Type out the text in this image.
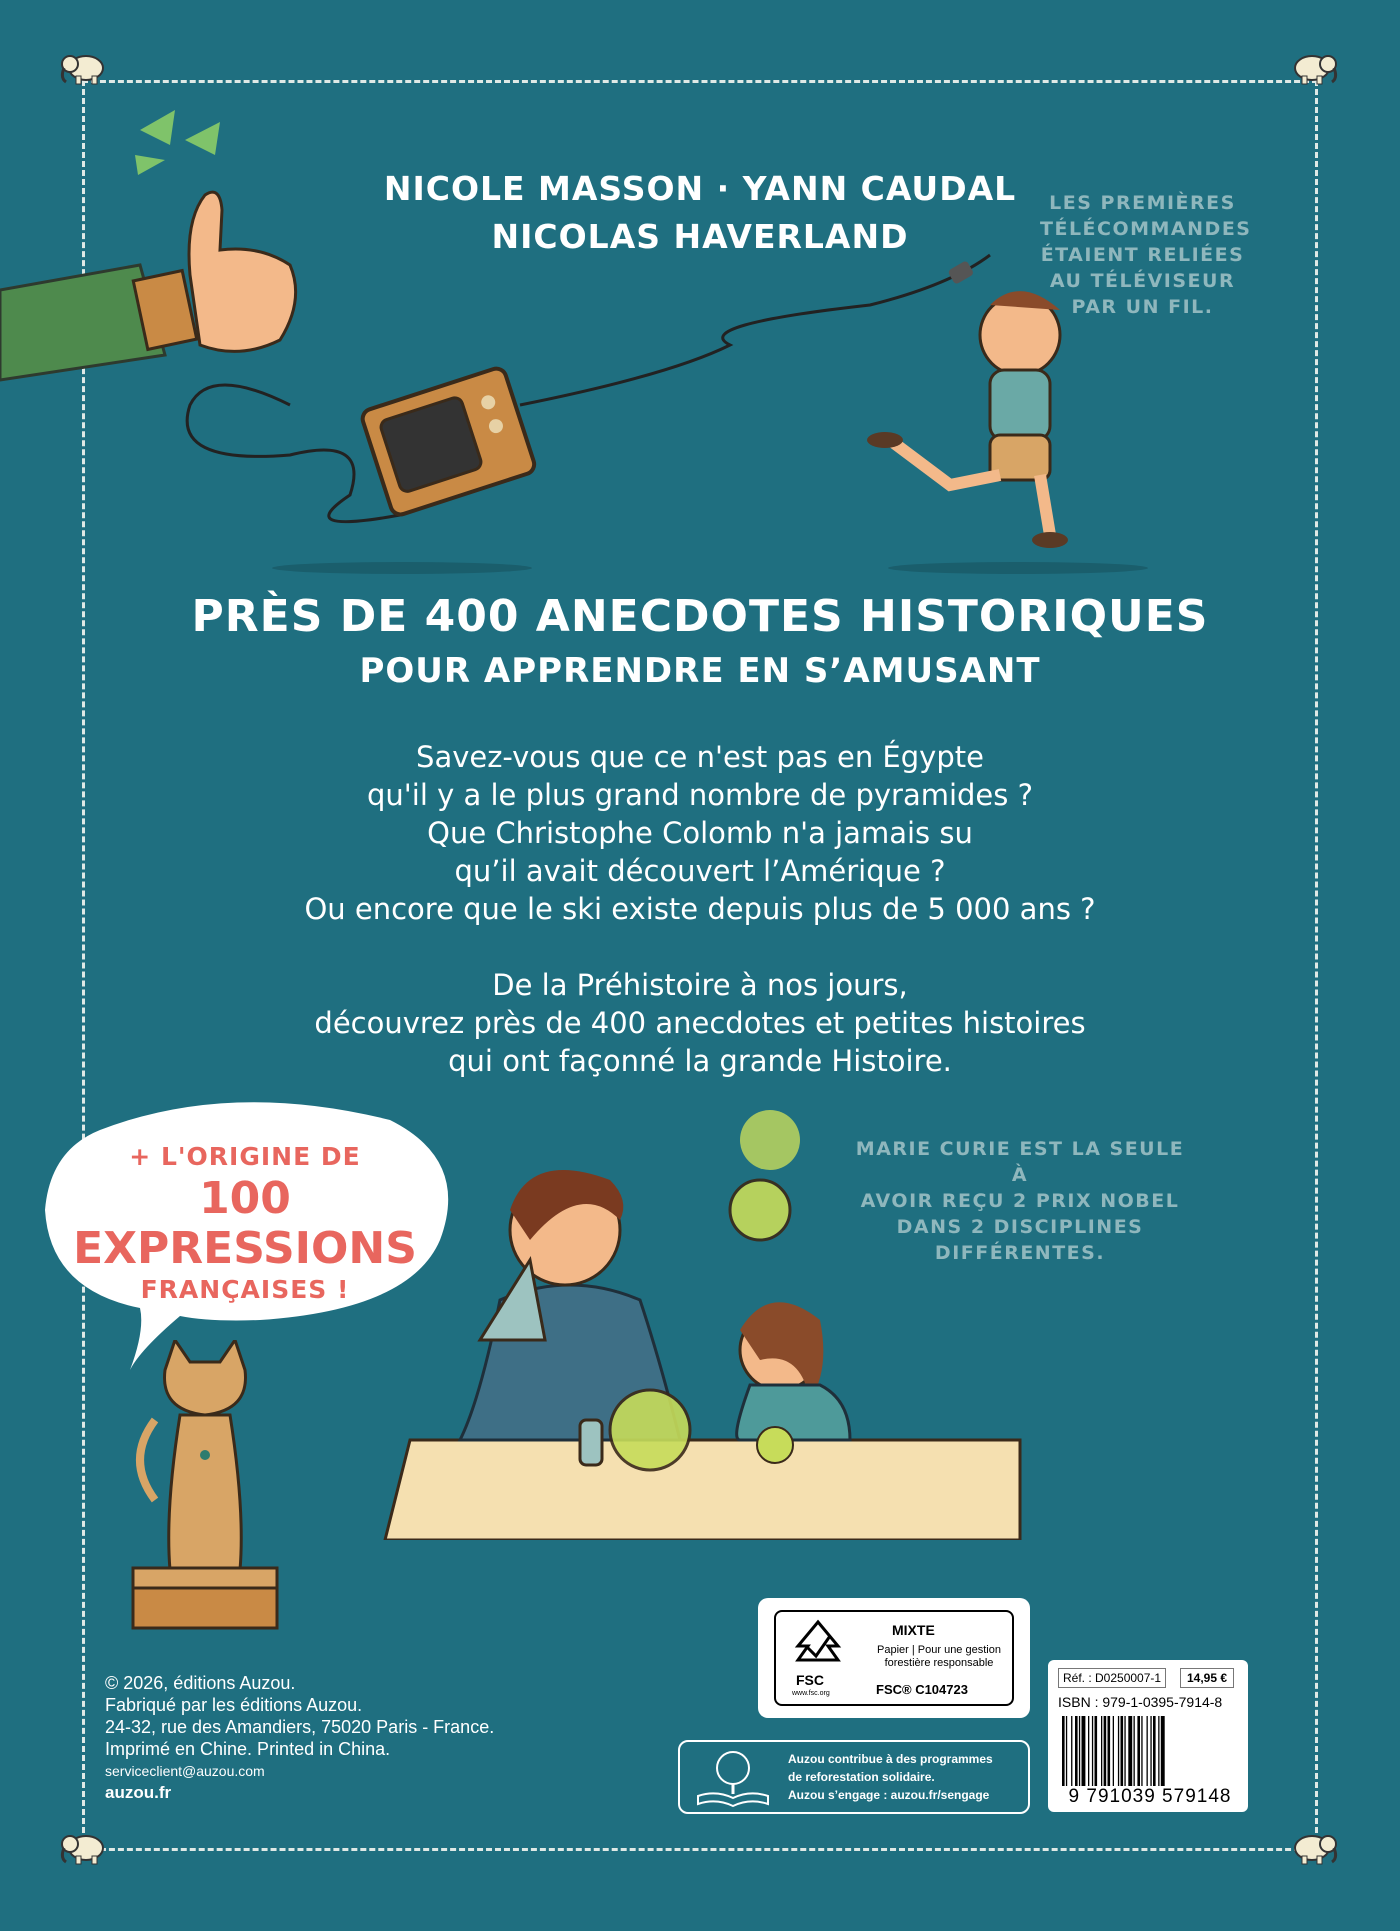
NICOLE MASSON · YANN CAUDAL
NICOLAS HAVERLAND
LES PREMIÈRES
TÉLÉCOMMANDES
ÉTAIENT RELIÉES
AU TÉLÉVISEUR
PAR UN FIL.
PRÈS DE 400 ANECDOTES HISTORIQUES
POUR APPRENDRE EN S’AMUSANT
Savez-vous que ce n'est pas en Égypte
qu'il y a le plus grand nombre de pyramides ?
Que Christophe Colomb n'a jamais su
qu’il avait découvert l’Amérique ?
Ou encore que le ski existe depuis plus de 5 000 ans ?
De la Préhistoire à nos jours,
découvrez près de 400 anecdotes et petites histoires
qui ont façonné la grande Histoire.
+ L'ORIGINE DE
100 EXPRESSIONS
FRANÇAISES !
MARIE CURIE EST LA SEULE À
AVOIR REÇU 2 PRIX NOBEL
DANS 2 DISCIPLINES
DIFFÉRENTES.
© 2026, éditions Auzou.
Fabriqué par les éditions Auzou.
24-32, rue des Amandiers, 75020 Paris - France.
Imprimé en Chine. Printed in China.
serviceclient@auzou.com
auzou.fr
FSC
www.fsc.org
MIXTE
Papier | Pour une gestion forestière responsable
FSC® C104723
Auzou contribue à des programmes
de reforestation solidaire.
Auzou s’engage : auzou.fr/sengage
Réf. : D0250007-1	14,95 €
ISBN : 979-1-0395-7914-8
9 791039 579148
